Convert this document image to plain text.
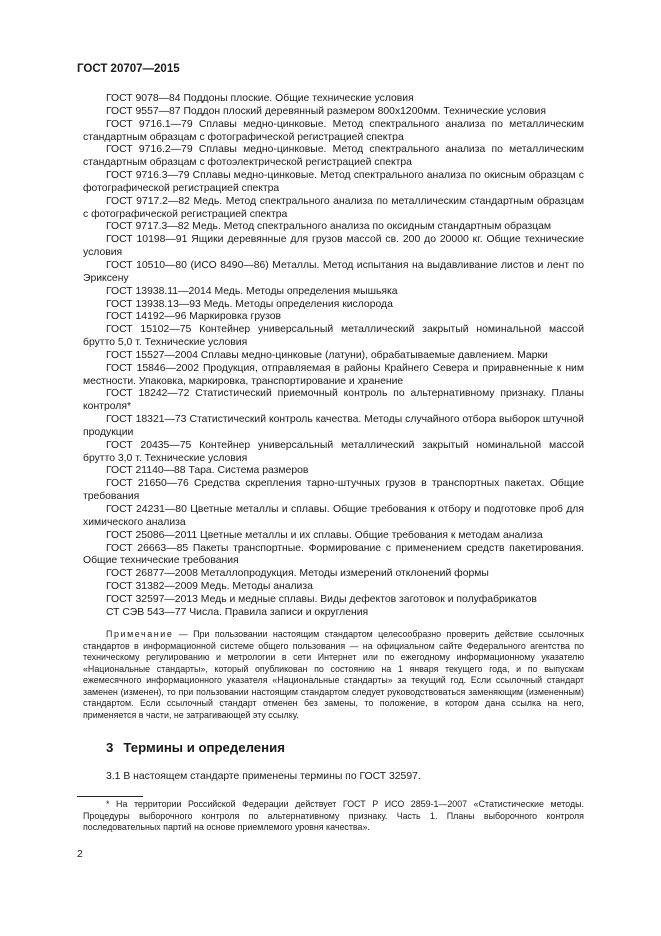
ГОСТ 20707—2015
ГОСТ 9078—84 Поддоны плоские. Общие технические условия
ГОСТ 9557—87 Поддон плоский деревянный размером 800х1200мм. Технические условия
ГОСТ 9716.1—79 Сплавы медно-цинковые. Метод спектрального анализа по металлическим стандартным образцам с фотографической регистрацией спектра
ГОСТ 9716.2—79 Сплавы медно-цинковые. Метод спектрального анализа по металлическим стандартным образцам с фотоэлектрической регистрацией спектра
ГОСТ 9716.3—79 Сплавы медно-цинковые. Метод спектрального анализа по окисным образцам с фотографической регистрацией спектра
ГОСТ 9717.2—82 Медь. Метод спектрального анализа по металлическим стандартным образцам с фотографической регистрацией спектра
ГОСТ 9717.3—82 Медь. Метод спектрального анализа по оксидным стандартным образцам
ГОСТ 10198—91 Ящики деревянные для грузов массой св. 200 до 20000 кг. Общие технические условия
ГОСТ 10510—80 (ИСО 8490—86) Металлы. Метод испытания на выдавливание листов и лент по Эриксену
ГОСТ 13938.11—2014 Медь. Методы определения мышьяка
ГОСТ 13938.13—93 Медь. Методы определения кислорода
ГОСТ 14192—96 Маркировка грузов
ГОСТ 15102—75 Контейнер универсальный металлический закрытый номинальной массой брутто 5,0 т. Технические условия
ГОСТ 15527—2004 Сплавы медно-цинковые (латуни), обрабатываемые давлением. Марки
ГОСТ 15846—2002 Продукция, отправляемая в районы Крайнего Севера и приравненные к ним местности. Упаковка, маркировка, транспортирование и хранение
ГОСТ 18242—72 Статистический приемочный контроль по альтернативному признаку. Планы контроля*
ГОСТ 18321—73 Статистический контроль качества. Методы случайного отбора выборок штучной продукции
ГОСТ 20435—75 Контейнер универсальный металлический закрытый номинальной массой брутто 3,0 т. Технические условия
ГОСТ 21140—88 Тара. Система размеров
ГОСТ 21650—76 Средства скрепления тарно-штучных грузов в транспортных пакетах. Общие требования
ГОСТ 24231—80 Цветные металлы и сплавы. Общие требования к отбору и подготовке проб для химического анализа
ГОСТ 25086—2011 Цветные металлы и их сплавы. Общие требования к методам анализа
ГОСТ 26663—85 Пакеты транспортные. Формирование с применением средств пакетирования. Общие технические требования
ГОСТ 26877—2008 Металлопродукция. Методы измерений отклонений формы
ГОСТ 31382—2009 Медь. Методы анализа
ГОСТ 32597—2013 Медь и медные сплавы. Виды дефектов заготовок и полуфабрикатов
СТ СЭВ 543—77 Числа. Правила записи и округления
Примечание — При пользовании настоящим стандартом целесообразно проверить действие ссылочных стандартов в информационной системе общего пользования — на официальном сайте Федерального агентства по техническому регулированию и метрологии в сети Интернет или по ежегодному информационному указателю «Национальные стандарты», который опубликован по состоянию на 1 января текущего года, и по выпускам ежемесячного информационного указателя «Национальные стандарты» за текущий год. Если ссылочный стандарт заменен (изменен), то при пользовании настоящим стандартом следует руководствоваться заменяющим (измененным) стандартом. Если ссылочный стандарт отменен без замены, то положение, в котором дана ссылка на него, применяется в части, не затрагивающей эту ссылку.
3 Термины и определения
3.1 В настоящем стандарте применены термины по ГОСТ 32597.
* На территории Российской Федерации действует ГОСТ Р ИСО 2859-1—2007 «Статистические методы. Процедуры выборочного контроля по альтернативному признаку. Часть 1. Планы выборочного контроля последовательных партий на основе приемлемого уровня качества».
2
